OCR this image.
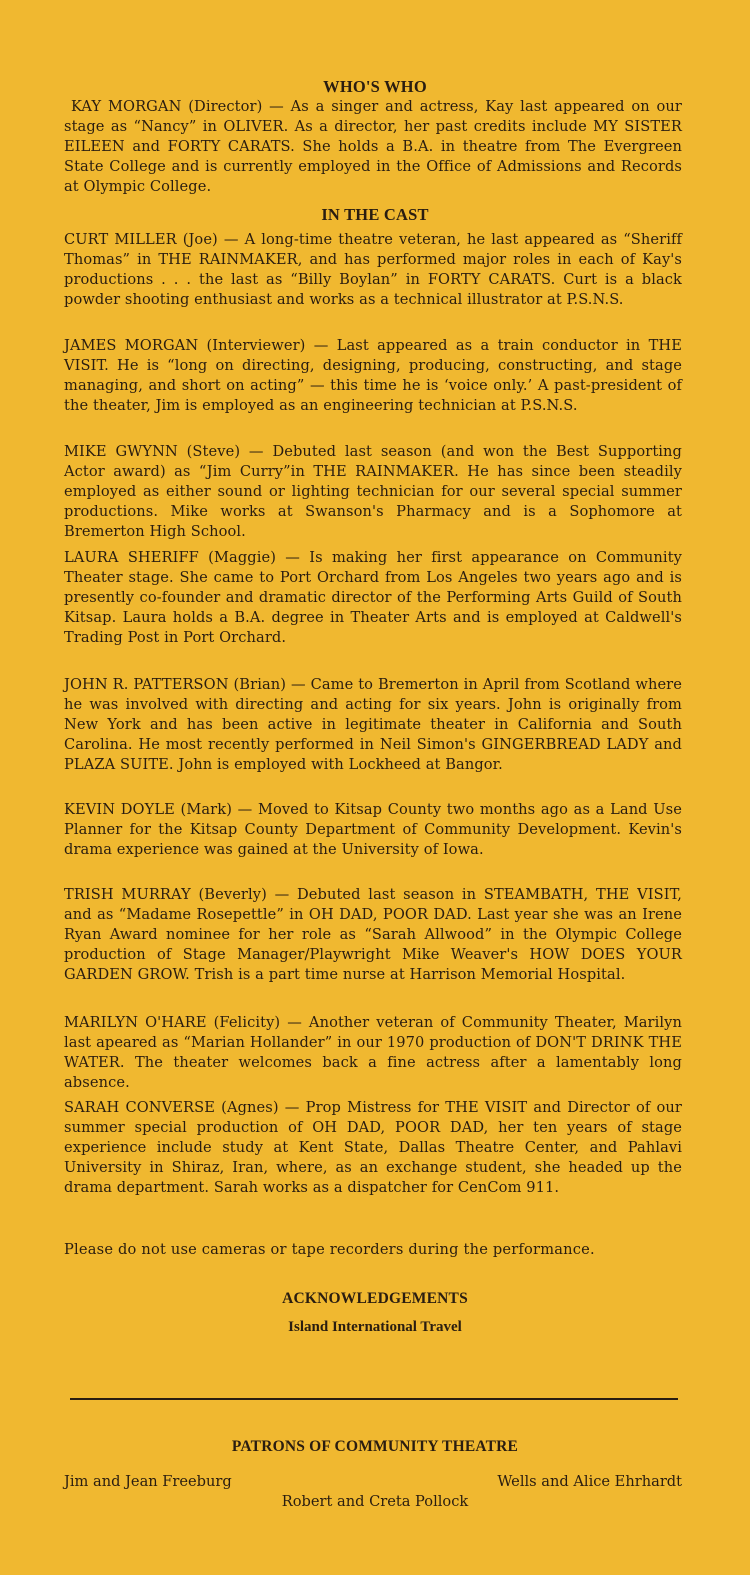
WHO'S WHO
KAY MORGAN (Director) — As a singer and actress, Kay last appeared on our stage as “Nancy” in OLIVER. As a director, her past credits include MY SISTER EILEEN and FORTY CARATS. She holds a B.A. in theatre from The Evergreen State College and is currently employed in the Office of Admissions and Records at Olympic College.
IN THE CAST
CURT MILLER (Joe) — A long-time theatre veteran, he last appeared as “Sheriff Thomas” in THE RAINMAKER, and has performed major roles in each of Kay's productions . . . the last as “Billy Boylan” in FORTY CARATS. Curt is a black powder shooting enthusiast and works as a technical illustrator at P.S.N.S.
JAMES MORGAN (Interviewer) — Last appeared as a train conductor in THE VISIT. He is “long on directing, designing, producing, constructing, and stage managing, and short on acting” — this time he is ‘voice only.’ A past-president of the theater, Jim is employed as an engineering technician at P.S.N.S.
MIKE GWYNN (Steve) — Debuted last season (and won the Best Supporting Actor award) as “Jim Curry”in THE RAINMAKER. He has since been steadily employed as either sound or lighting technician for our several special summer productions. Mike works at Swanson's Pharmacy and is a Sophomore at Bremerton High School.
LAURA SHERIFF (Maggie) — Is making her first appearance on Community Theater stage. She came to Port Orchard from Los Angeles two years ago and is presently co-founder and dramatic director of the Performing Arts Guild of South Kitsap. Laura holds a B.A. degree in Theater Arts and is employed at Caldwell's Trading Post in Port Orchard.
JOHN R. PATTERSON (Brian) — Came to Bremerton in April from Scotland where he was involved with directing and acting for six years. John is originally from New York and has been active in legitimate theater in California and South Carolina. He most recently performed in Neil Simon's GINGERBREAD LADY and PLAZA SUITE. John is employed with Lockheed at Bangor.
KEVIN DOYLE (Mark) — Moved to Kitsap County two months ago as a Land Use Planner for the Kitsap County Department of Community Development. Kevin's drama experience was gained at the University of Iowa.
TRISH MURRAY (Beverly) — Debuted last season in STEAMBATH, THE VISIT, and as “Madame Rosepettle” in OH DAD, POOR DAD. Last year she was an Irene Ryan Award nominee for her role as “Sarah Allwood” in the Olympic College production of Stage Manager/Playwright Mike Weaver's HOW DOES YOUR GARDEN GROW. Trish is a part time nurse at Harrison Memorial Hospital.
MARILYN O'HARE (Felicity) — Another veteran of Community Theater, Marilyn last apeared as “Marian Hollander” in our 1970 production of DON'T DRINK THE WATER. The theater welcomes back a fine actress after a lamentably long absence.
SARAH CONVERSE (Agnes) — Prop Mistress for THE VISIT and Director of our summer special production of OH DAD, POOR DAD, her ten years of stage experience include study at Kent State, Dallas Theatre Center, and Pahlavi University in Shiraz, Iran, where, as an exchange student, she headed up the drama department. Sarah works as a dispatcher for CenCom 911.
Please do not use cameras or tape recorders during the performance.
ACKNOWLEDGEMENTS
Island International Travel
PATRONS OF COMMUNITY THEATRE
Jim and Jean Freeburg	Wells and Alice Ehrhardt
Robert and Creta Pollock
